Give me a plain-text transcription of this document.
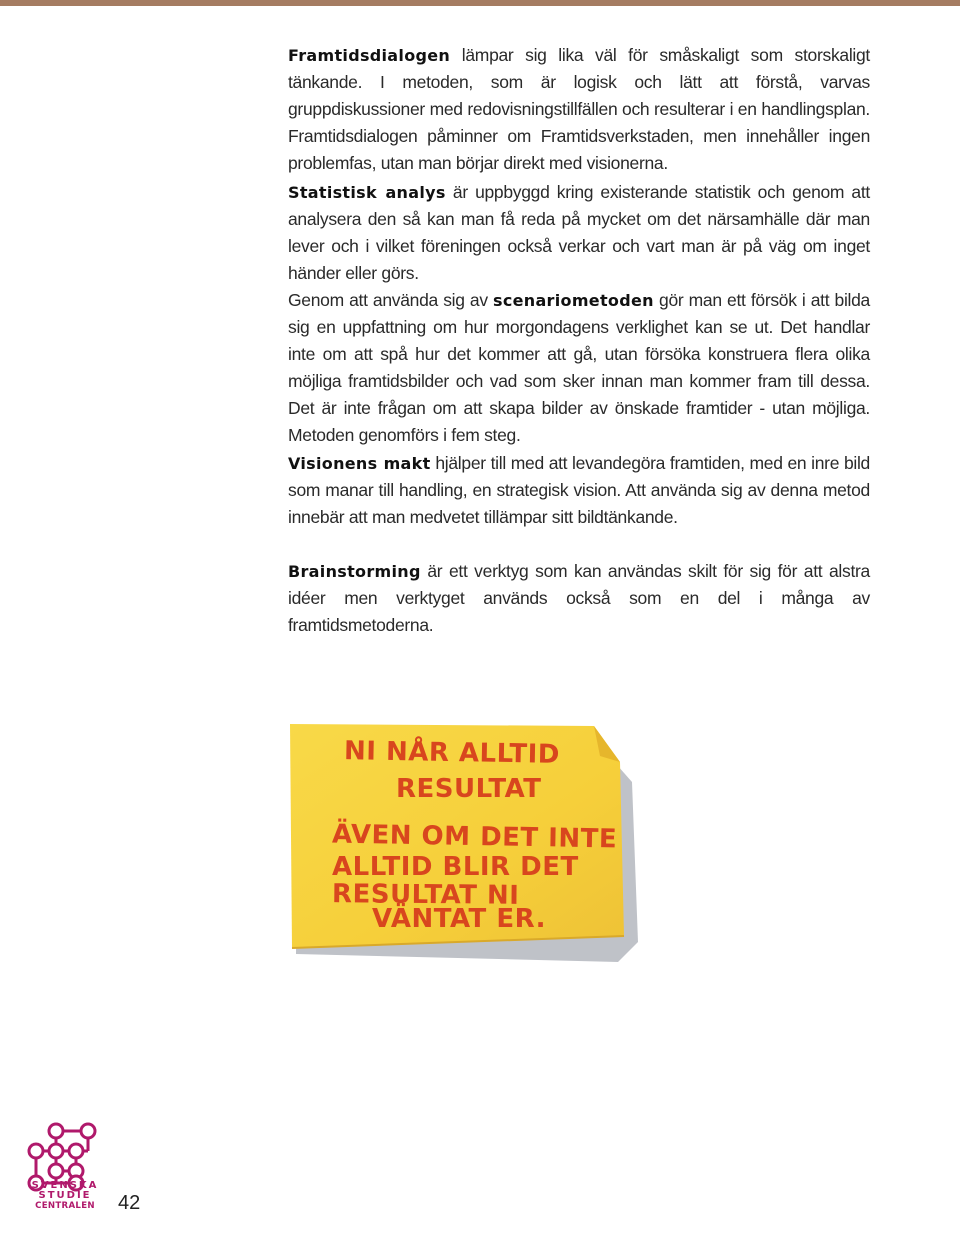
Framtidsdialogen lämpar sig lika väl för småskaligt som storskaligt tänkande. I metoden, som är logisk och lätt att förstå, varvas gruppdiskussioner med redovisningstillfällen och resulterar i en handlingsplan. Framtidsdialogen påminner om Framtidsverkstaden, men innehåller ingen problemfas, utan man börjar direkt med visionerna.

Statistisk analys är uppbyggd kring existerande statistik och genom att analysera den så kan man få reda på mycket om det närsamhälle där man lever och i vilket föreningen också verkar och vart man är på väg om inget händer eller görs.

Genom att använda sig av scenariometoden gör man ett försök i att bilda sig en uppfattning om hur morgondagens verklighet kan se ut. Det handlar inte om att spå hur det kommer att gå, utan försöka konstruera flera olika möjliga framtidsbilder och vad som sker innan man kommer fram till dessa. Det är inte frågan om att skapa bilder av önskade framtider - utan möjliga. Metoden genomförs i fem steg.

Visionens makt hjälper till med att levandegöra framtiden, med en inre bild som manar till handling, en strategisk vision. Att använda sig av denna metod innebär att man medvetet tillämpar sitt bildtänkande.

Brainstorming är ett verktyg som kan användas skilt för sig för att alstra idéer men verktyget används också som en del i många av framtidsmetoderna.

NI NÅR ALLTID
RESULTAT
ÄVEN OM DET INTE
ALLTID BLIR DET
RESULTAT NI
VÄNTAT ER.
SVENSKA
STUDIE
CENTRALEN 42
